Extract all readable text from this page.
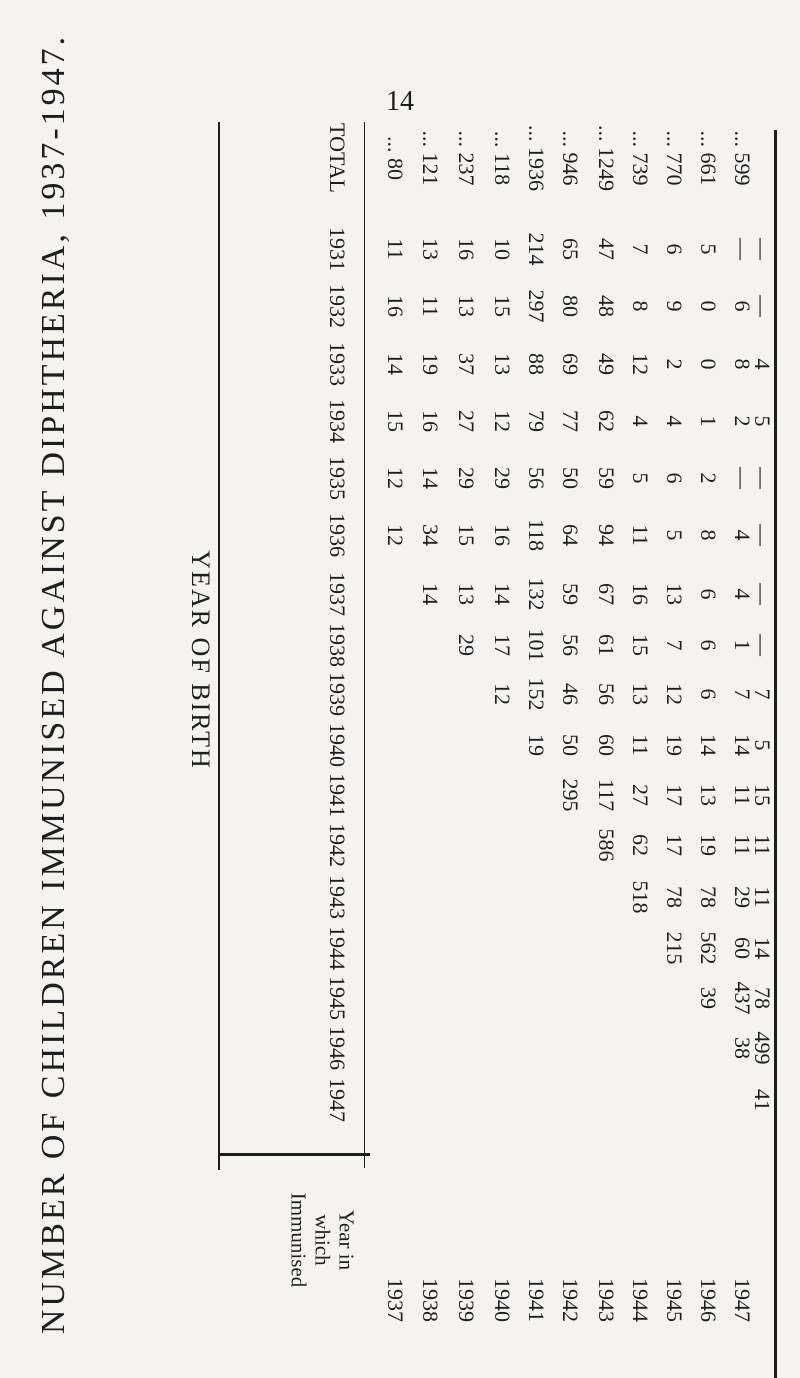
14
NUMBER OF CHILDREN IMMUNISED AGAINST DIPHTHERIA, 1937-1947.	YEAR OF BIRTH
1947
1946
1945
1944
1943
1942
1941
1940
1939
1938
1937
1936
1935
1934
1933
1932
1931
TOTAL
Year in
which
Immunised
1937
11
16
14
15
12
12
... 80
1938
13
11
19
16
14
34
14
... 121
1939
16
13
37
27
29
15
13
29
... 237
1940
10
15
13
12
29
16
14
17
12
... 118
1941
214
297
88
79
56
118
132
101
152
19
... 1936
1942
65
80
69
77
50
64
59
56
46
50
295
... 946
1943
47
48
49
62
59
94
67
61
56
60
117
586
... 1249
1944
7
8
12
4
5
11
16
15
13
11
27
62
518
... 739
1945
6
9
2
4
6
5
13
7
12
19
17
17
78
215
... 770
1946
5
0
0
1
2
8
6
6
6
14
13
19
78
562
39
... 661
1947
—
6
8
2
—
4
4
1
7
14
11
11
29
60
437
38
... 599
—
—
4
5
—
—
—
—
7
5
15
11
11
14
78
499
41
